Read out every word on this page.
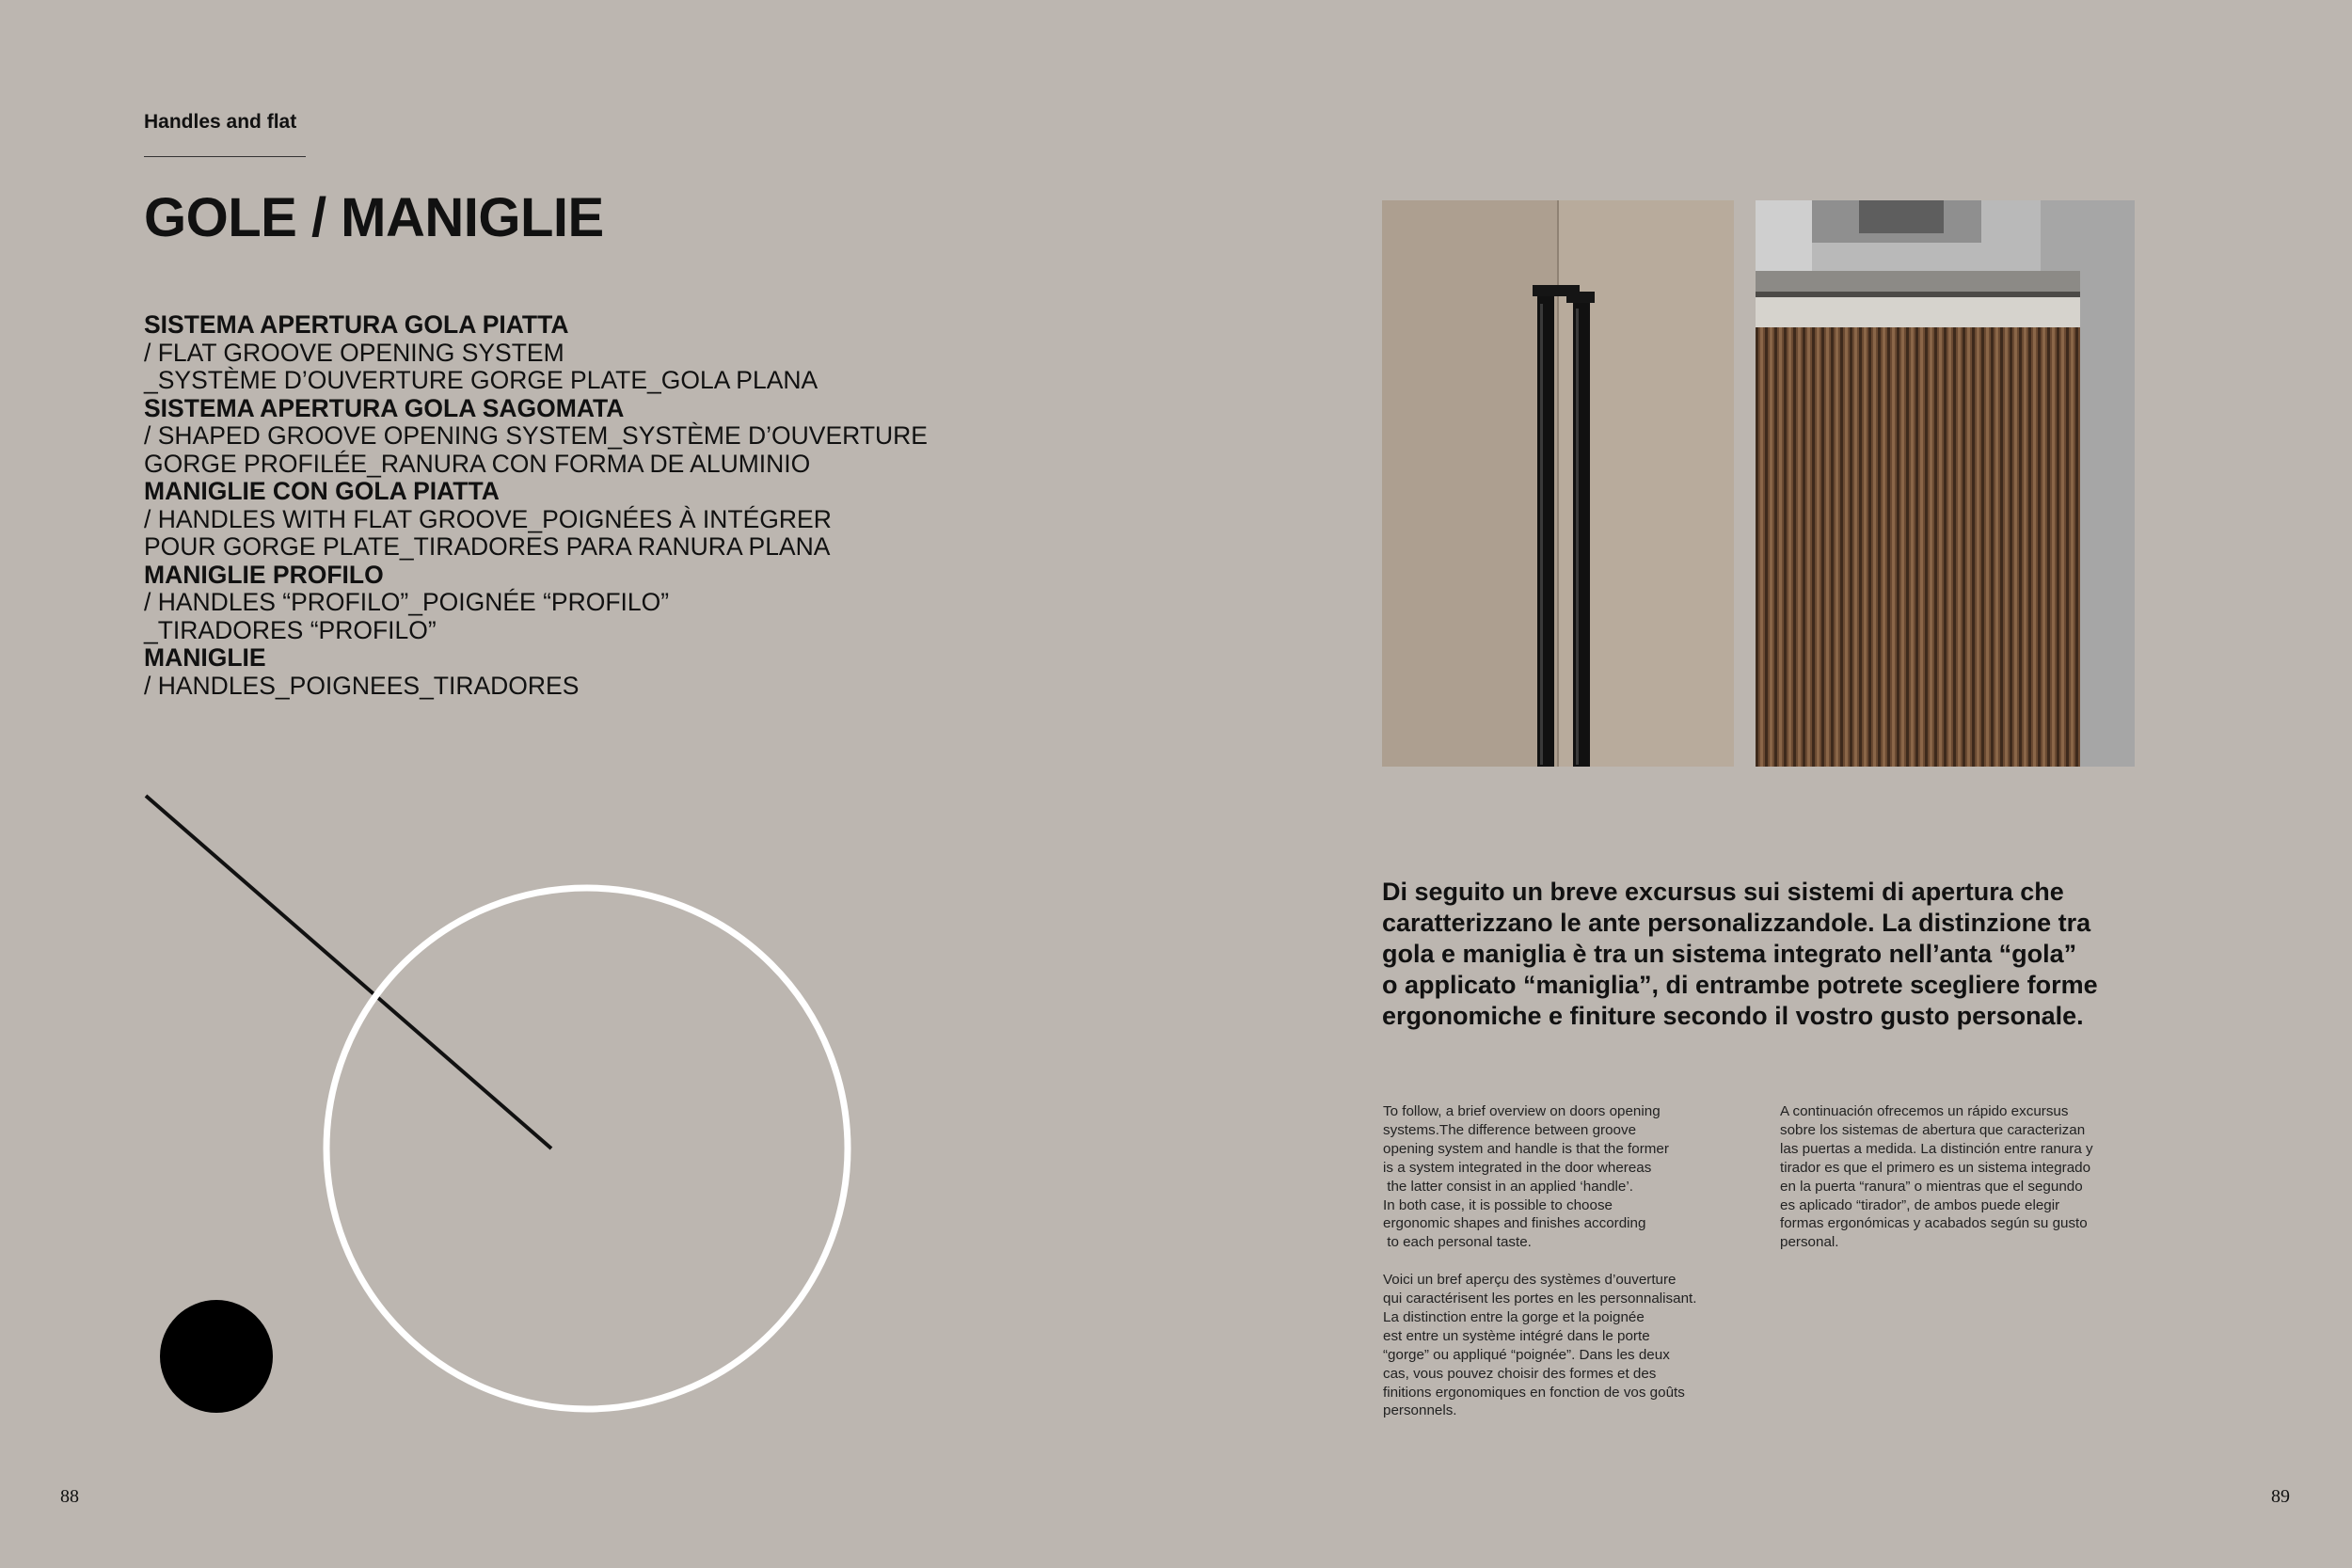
Handles and flat
GOLE / MANIGLIE
SISTEMA APERTURA GOLA PIATTA
/ FLAT GROOVE OPENING SYSTEM
_SYSTÈME D’OUVERTURE GORGE PLATE_GOLA PLANA
SISTEMA APERTURA GOLA SAGOMATA
/ SHAPED GROOVE OPENING SYSTEM_SYSTÈME D’OUVERTURE
GORGE PROFILÉE_RANURA CON FORMA DE ALUMINIO
MANIGLIE CON GOLA PIATTA
/ HANDLES WITH FLAT GROOVE_POIGNÉES À INTÉGRER
POUR GORGE PLATE_TIRADORES PARA RANURA PLANA
MANIGLIE PROFILO
/ HANDLES “PROFILO”_POIGNÉE “PROFILO”
_TIRADORES “PROFILO”
MANIGLIE
/ HANDLES_POIGNEES_TIRADORES
Di seguito un breve excursus sui sistemi di apertura che
caratterizzano le ante personalizzandole. La distinzione tra
gola e maniglia è tra un sistema integrato nell’anta “gola”
o applicato “maniglia”, di entrambe potrete scegliere forme
ergonomiche e finiture secondo il vostro gusto personale.
To follow, a brief overview on doors opening
systems.The difference between groove
opening system and handle is that the former
is a system integrated in the door whereas
the latter consist in an applied ‘handle’.
In both case, it is possible to choose
ergonomic shapes and finishes according
to each personal taste.
Voici un bref aperçu des systèmes d’ouverture
qui caractérisent les portes en les personnalisant.
La distinction entre la gorge et la poignée
est entre un système intégré dans le porte
“gorge” ou appliqué “poignée”. Dans les deux
cas, vous pouvez choisir des formes et des
finitions ergonomiques en fonction de vos goûts
personnels.
A continuación ofrecemos un rápido excursus
sobre los sistemas de abertura que caracterizan
las puertas a medida. La distinción entre ranura y
tirador es que el primero es un sistema integrado
en la puerta “ranura” o mientras que el segundo
es aplicado “tirador”, de ambos puede elegir
formas ergonómicas y acabados según su gusto
personal.
88	89
